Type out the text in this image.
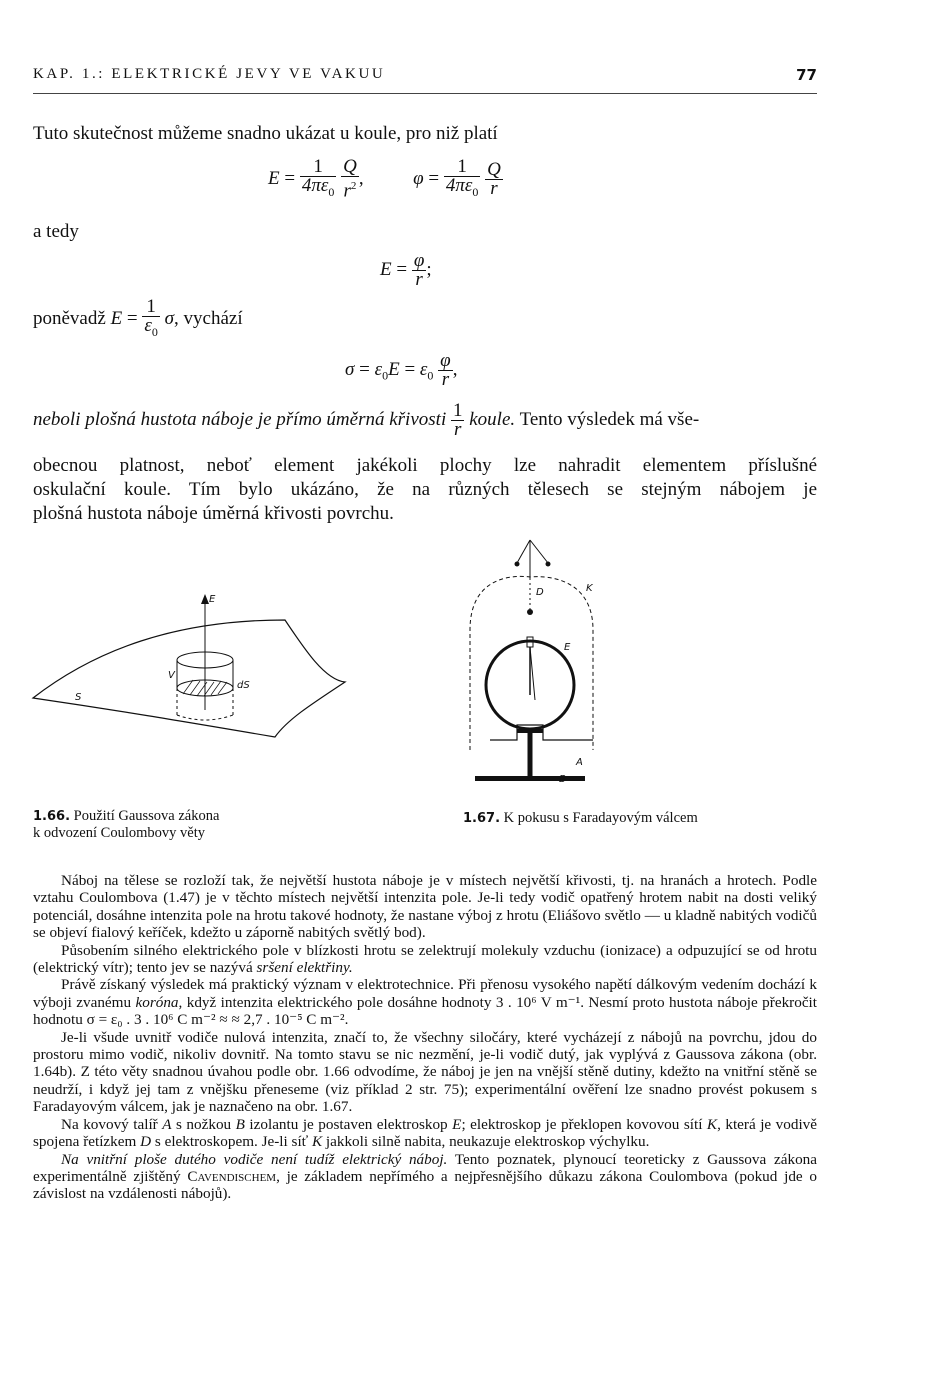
KAP. 1.: ELEKTRICKÉ JEVY VE VAKUU	77
Tuto skutečnost můžeme snadno ukázat u koule, pro niž platí
$E = \frac{1}{4\pi\varepsilon_0}$
$\frac{Q}{r^2}$ ,	$\varphi = \frac{1}{4\pi\varepsilon_0}$
$\frac{Q}{r}$
a tedy
$E = \frac{\varphi}{r}$ ;
poněvadž $E = \frac{1}{\varepsilon_0} \sigma$, vychází
$\sigma = \varepsilon_0E = \varepsilon_0 \frac{\varphi}{r}$ ,
neboli plošná hustota náboje je přímo úměrná křivosti $\frac{1}{r}$ koule. Tento výsledek má vše-
obecnou platnost, neboť element jakékoli plochy lze nahradit elementem příslušné
oskulační koule. Tím bylo ukázáno, že na různých tělesech se stejným nábojem je
plošná hustota náboje úměrná křivosti povrchu.
E
V
dS
S
D	K
E
A
B
1.66. Použití Gaussova zákona
k odvození Coulombovy věty
1.67. K pokusu s Faradayovým válcem

Náboj na tělese se rozloží tak, že největší hustota náboje je v místech největší křivosti, tj. na hranách a hrotech. Podle vztahu Coulombova (1.47) je v těchto místech největší intenzita pole. Je-li tedy vodič opatřený hrotem nabit na dosti veliký potenciál, dosáhne intenzita pole na hrotu takové hodnoty, že nastane výboj z hrotu (Eliášovo světlo — u kladně nabitých vodičů se objeví fialový keříček, kdežto u záporně nabitých světlý bod).

Působením silného elektrického pole v blízkosti hrotu se zelektrují molekuly vzduchu (ionizace) a odpuzující se od hrotu (elektrický vítr); tento jev se nazývá sršení elektřiny.

Právě získaný výsledek má praktický význam v elektrotechnice. Při přenosu vysokého napětí dálkovým vedením dochází k výboji zvanému koróna, když intenzita elektrického pole dosáhne hodnoty 3 . 10⁶ V m⁻¹. Nesmí proto hustota náboje překročit hodnotu σ = ε₀ . 3 . 10⁶ C m⁻² ≈ ≈ 2,7 . 10⁻⁵ C m⁻².

Je-li všude uvnitř vodiče nulová intenzita, značí to, že všechny siločáry, které vycházejí z nábojů na povrchu, jdou do prostoru mimo vodič, nikoliv dovnitř. Na tomto stavu se nic nezmění, je-li vodič dutý, jak vyplývá z Gaussova zákona (obr. 1.64b). Z této věty snadnou úvahou podle obr. 1.66 odvodíme, že náboj je jen na vnější stěně dutiny, kdežto na vnitřní stěně se neudrží, i když jej tam z vnějšku přeneseme (viz příklad 2 str. 75); experimentální ověření lze snadno provést pokusem s Faradayovým válcem, jak je naznačeno na obr. 1.67.

Na kovový talíř A s nožkou B izolantu je postaven elektroskop E; elektroskop je překlopen kovovou sítí K, která je vodivě spojena řetízkem D s elektroskopem. Je-li síť K jakkoli silně nabita, neukazuje elektroskop výchylku.

Na vnitřní ploše dutého vodiče není tudíž elektrický náboj. Tento poznatek, plynoucí teoreticky z Gaussova zákona experimentálně zjištěný Cavendischem, je základem nepřímého a nejpřesnějšího důkazu zákona Coulombova (pokud jde o závislost na vzdálenosti nábojů).
